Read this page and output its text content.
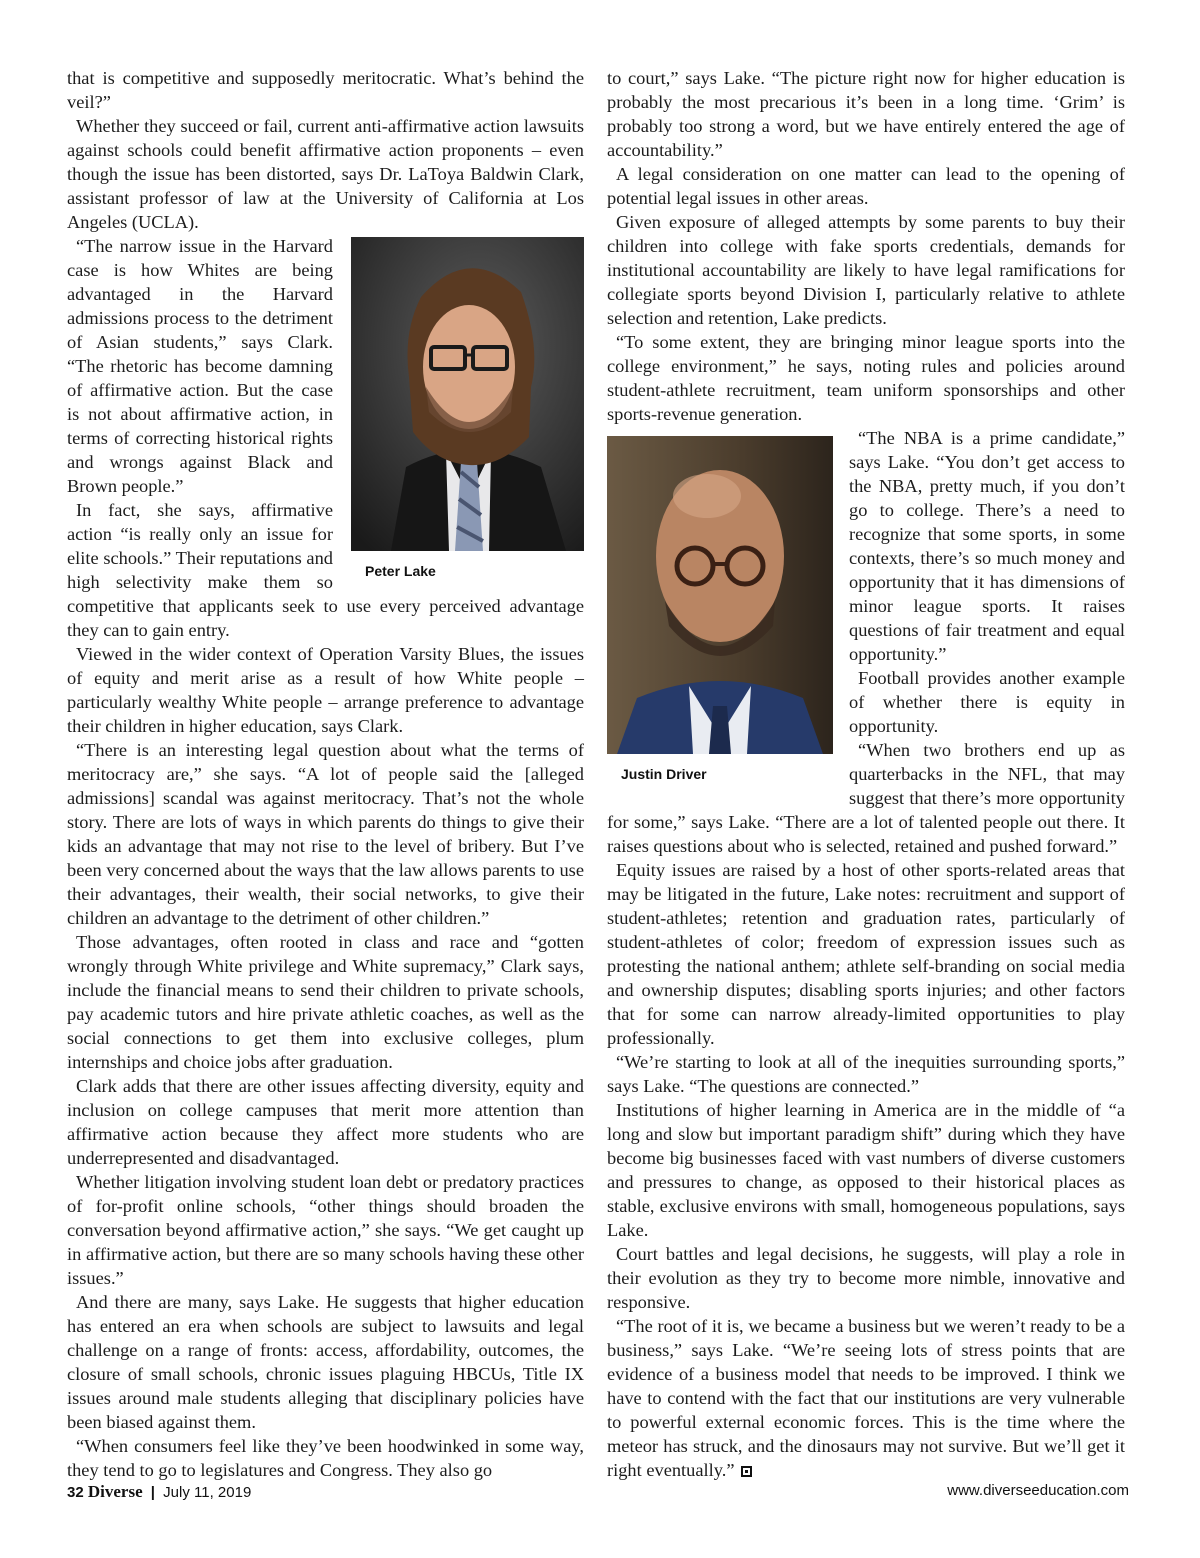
that is competitive and supposedly meritocratic. What’s behind the veil?”

Whether they succeed or fail, current anti-affirmative action lawsuits against schools could benefit affirmative action proponents – even though the issue has been distorted, says Dr. LaToya Baldwin Clark, assistant professor of law at the University of California at Los Angeles (UCLA).

Peter Lake

“The narrow issue in the Harvard case is how Whites are being advantaged in the Harvard admissions process to the detriment of Asian students,” says Clark. “The rhetoric has become damning of affirmative action. But the case is not about affirmative action, in terms of correcting historical rights and wrongs against Black and Brown people.”

In fact, she says, affirmative action “is really only an issue for elite schools.” Their reputations and high selectivity make them so competitive that applicants seek to use every perceived advantage they can to gain entry.

Viewed in the wider context of Operation Varsity Blues, the issues of equity and merit arise as a result of how White people – particularly wealthy White people – arrange preference to advantage their children in higher education, says Clark.

“There is an interesting legal question about what the terms of meritocracy are,” she says. “A lot of people said the [alleged admissions] scandal was against meritocracy. That’s not the whole story. There are lots of ways in which parents do things to give their kids an advantage that may not rise to the level of bribery. But I’ve been very concerned about the ways that the law allows parents to use their advantages, their wealth, their social networks, to give their children an advantage to the detriment of other children.”

Those advantages, often rooted in class and race and “gotten wrongly through White privilege and White supremacy,” Clark says, include the financial means to send their children to private schools, pay academic tutors and hire private athletic coaches, as well as the social connections to get them into exclusive colleges, plum internships and choice jobs after graduation.

Clark adds that there are other issues affecting diversity, equity and inclusion on college campuses that merit more attention than affirmative action because they affect more students who are underrepresented and disadvantaged.

Whether litigation involving student loan debt or predatory practices of for-profit online schools, “other things should broaden the conversation beyond affirmative action,” she says. “We get caught up in affirmative action, but there are so many schools having these other issues.”

And there are many, says Lake. He suggests that higher education has entered an era when schools are subject to lawsuits and legal challenge on a range of fronts: access, affordability, outcomes, the closure of small schools, chronic issues plaguing HBCUs, Title IX issues around male students alleging that disciplinary policies have been biased against them.

“When consumers feel like they’ve been hoodwinked in some way, they tend to go to legislatures and Congress. They also go

to court,” says Lake. “The picture right now for higher education is probably the most precarious it’s been in a long time. ‘Grim’ is probably too strong a word, but we have entirely entered the age of accountability.”

A legal consideration on one matter can lead to the opening of potential legal issues in other areas.

Given exposure of alleged attempts by some parents to buy their children into college with fake sports credentials, demands for institutional accountability are likely to have legal ramifications for collegiate sports beyond Division I, particularly relative to athlete selection and retention, Lake predicts.

“To some extent, they are bringing minor league sports into the college environment,” he says, noting rules and policies around student-athlete recruitment, team uniform sponsorships and other sports-revenue generation.

Justin Driver

“The NBA is a prime candidate,” says Lake. “You don’t get access to the NBA, pretty much, if you don’t go to college. There’s a need to recognize that some sports, in some contexts, there’s so much money and opportunity that it has dimensions of minor league sports. It raises questions of fair treatment and equal opportunity.”

Football provides another example of whether there is equity in opportunity.

“When two brothers end up as quarterbacks in the NFL, that may suggest that there’s more opportunity for some,” says Lake. “There are a lot of talented people out there. It raises questions about who is selected, retained and pushed forward.”

Equity issues are raised by a host of other sports-related areas that may be litigated in the future, Lake notes: recruitment and support of student-athletes; retention and graduation rates, particularly of student-athletes of color; freedom of expression issues such as protesting the national anthem; athlete self-branding on social media and ownership disputes; disabling sports injuries; and other factors that for some can narrow already-limited opportunities to play professionally.

“We’re starting to look at all of the inequities surrounding sports,” says Lake. “The questions are connected.”

Institutions of higher learning in America are in the middle of “a long and slow but important paradigm shift” during which they have become big businesses faced with vast numbers of diverse customers and pressures to change, as opposed to their historical places as stable, exclusive environs with small, homogeneous populations, says Lake.

Court battles and legal decisions, he suggests, will play a role in their evolution as they try to become more nimble, innovative and responsive.

“The root of it is, we became a business but we weren’t ready to be a business,” says Lake. “We’re seeing lots of stress points that are evidence of a business model that needs to be improved. I think we have to contend with the fact that our institutions are very vulnerable to powerful external economic forces. This is the time where the meteor has struck, and the dinosaurs may not survive. But we’ll get it right eventually.”

32 Diverse | July 11, 2019	www.diverseeducation.com
